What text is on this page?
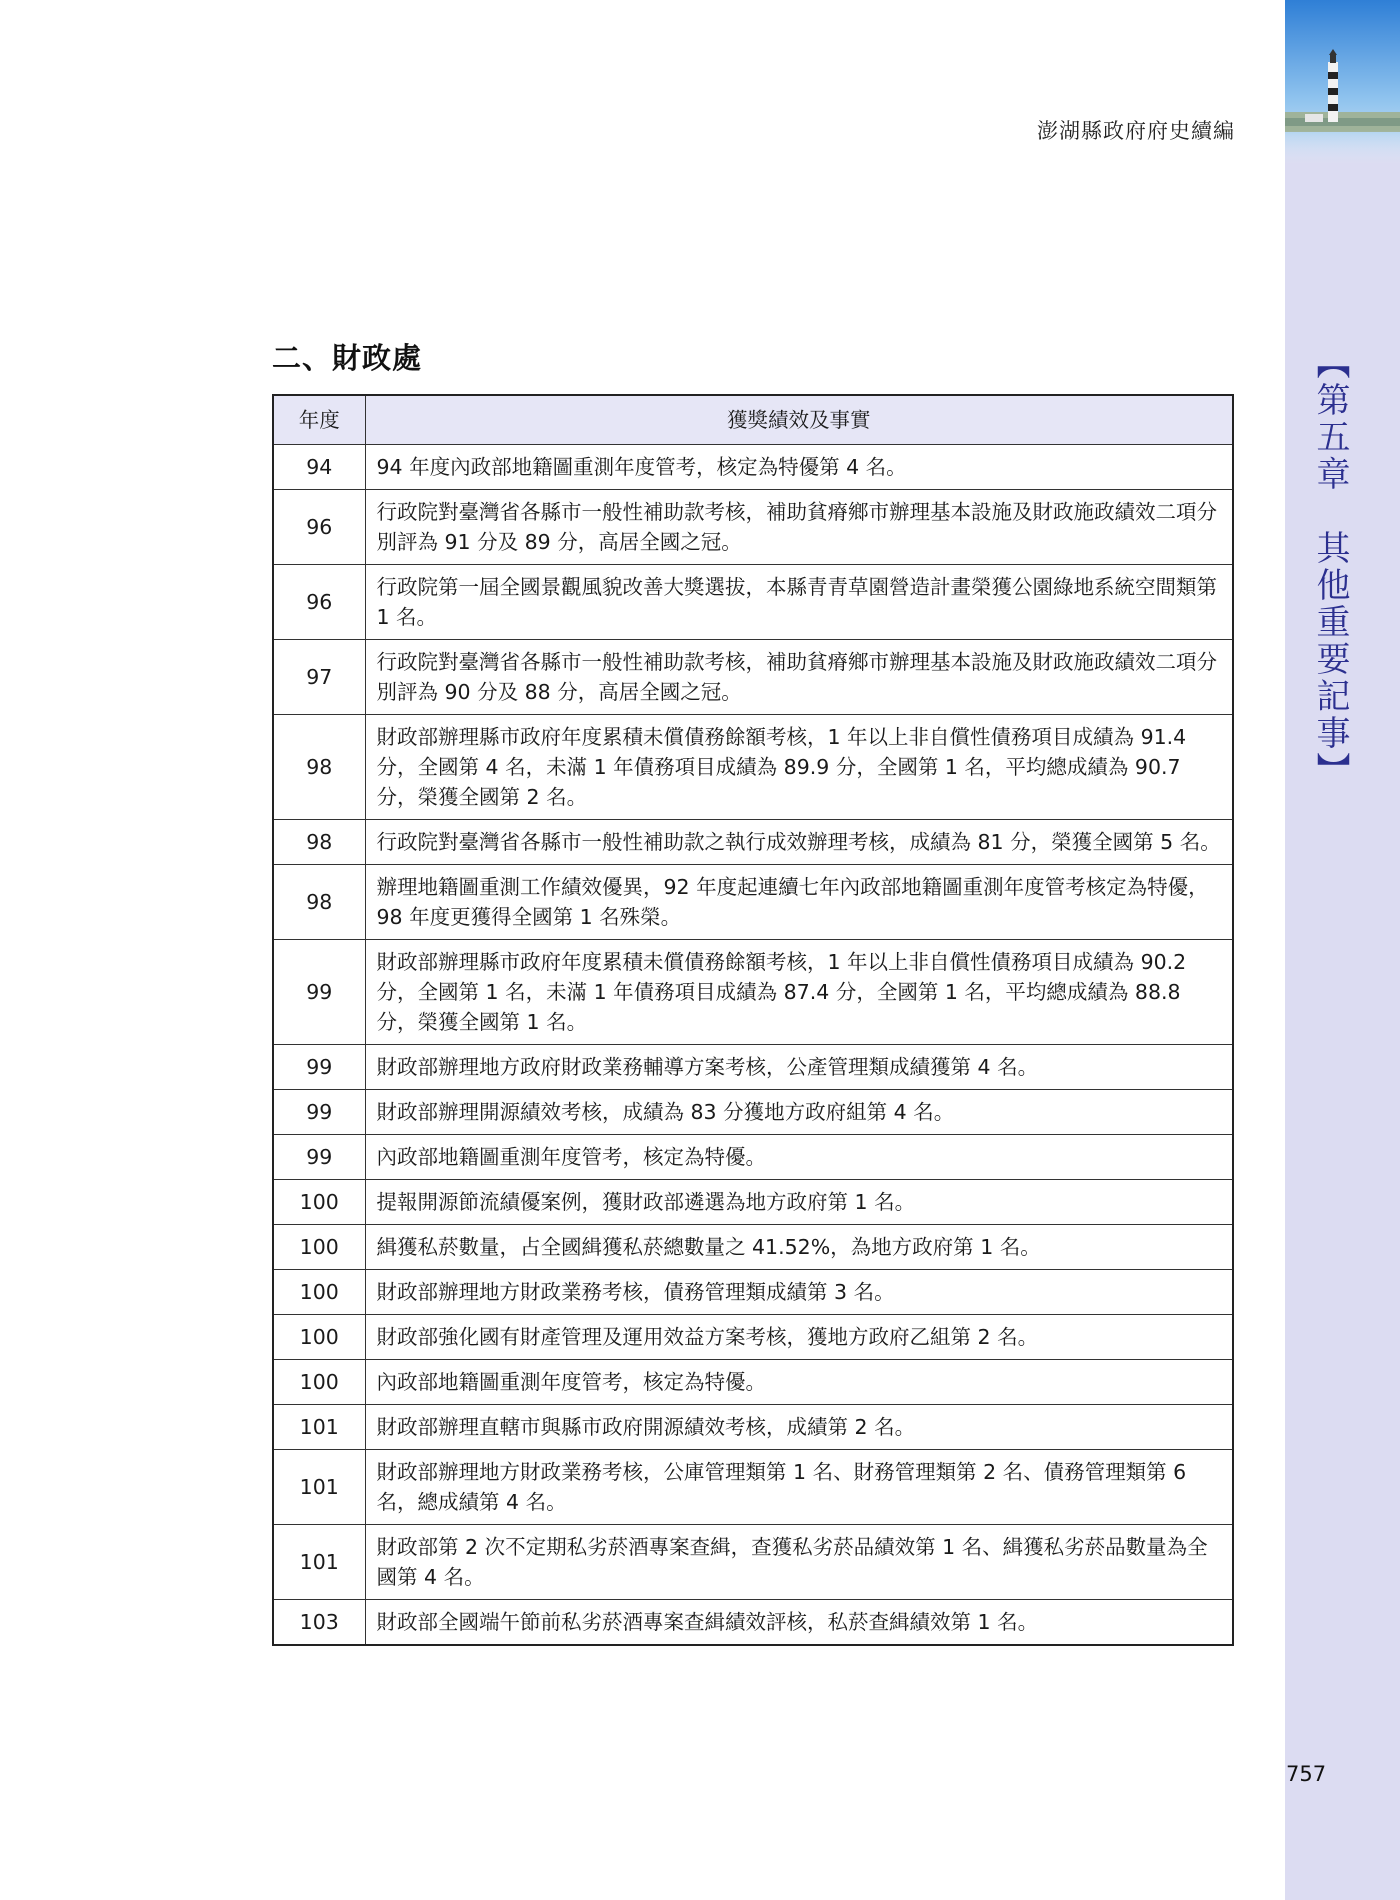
【第五章　其他重要記事】
澎湖縣政府府史續編
二、財政處
年度	獲獎績效及事實
94	94 年度內政部地籍圖重測年度管考，核定為特優第 4 名。
96	行政院對臺灣省各縣市一般性補助款考核，補助貧瘠鄉市辦理基本設施及財政施政績效二項分別評為 91 分及 89 分，高居全國之冠。
96	行政院第一屆全國景觀風貌改善大獎選拔，本縣青青草園營造計畫榮獲公園綠地系統空間類第 1 名。
97	行政院對臺灣省各縣市一般性補助款考核，補助貧瘠鄉市辦理基本設施及財政施政績效二項分別評為 90 分及 88 分，高居全國之冠。
98	財政部辦理縣市政府年度累積未償債務餘額考核，1 年以上非自償性債務項目成績為 91.4 分，全國第 4 名，未滿 1 年債務項目成績為 89.9 分，全國第 1 名，平均總成績為 90.7 分，榮獲全國第 2 名。
98	行政院對臺灣省各縣市一般性補助款之執行成效辦理考核，成績為 81 分，榮獲全國第 5 名。
98	辦理地籍圖重測工作績效優異，92 年度起連續七年內政部地籍圖重測年度管考核定為特優，98 年度更獲得全國第 1 名殊榮。
99	財政部辦理縣市政府年度累積未償債務餘額考核，1 年以上非自償性債務項目成績為 90.2 分，全國第 1 名，未滿 1 年債務項目成績為 87.4 分，全國第 1 名，平均總成績為 88.8 分，榮獲全國第 1 名。
99	財政部辦理地方政府財政業務輔導方案考核，公產管理類成績獲第 4 名。
99	財政部辦理開源績效考核，成績為 83 分獲地方政府組第 4 名。
99	內政部地籍圖重測年度管考，核定為特優。
100	提報開源節流績優案例，獲財政部遴選為地方政府第 1 名。
100	緝獲私菸數量，占全國緝獲私菸總數量之 41.52%，為地方政府第 1 名。
100	財政部辦理地方財政業務考核，債務管理類成績第 3 名。
100	財政部強化國有財產管理及運用效益方案考核，獲地方政府乙組第 2 名。
100	內政部地籍圖重測年度管考，核定為特優。
101	財政部辦理直轄市與縣市政府開源績效考核，成績第 2 名。
101	財政部辦理地方財政業務考核，公庫管理類第 1 名、財務管理類第 2 名、債務管理類第 6 名，總成績第 4 名。
101	財政部第 2 次不定期私劣菸酒專案查緝，查獲私劣菸品績效第 1 名、緝獲私劣菸品數量為全國第 4 名。
103	財政部全國端午節前私劣菸酒專案查緝績效評核，私菸查緝績效第 1 名。
757
